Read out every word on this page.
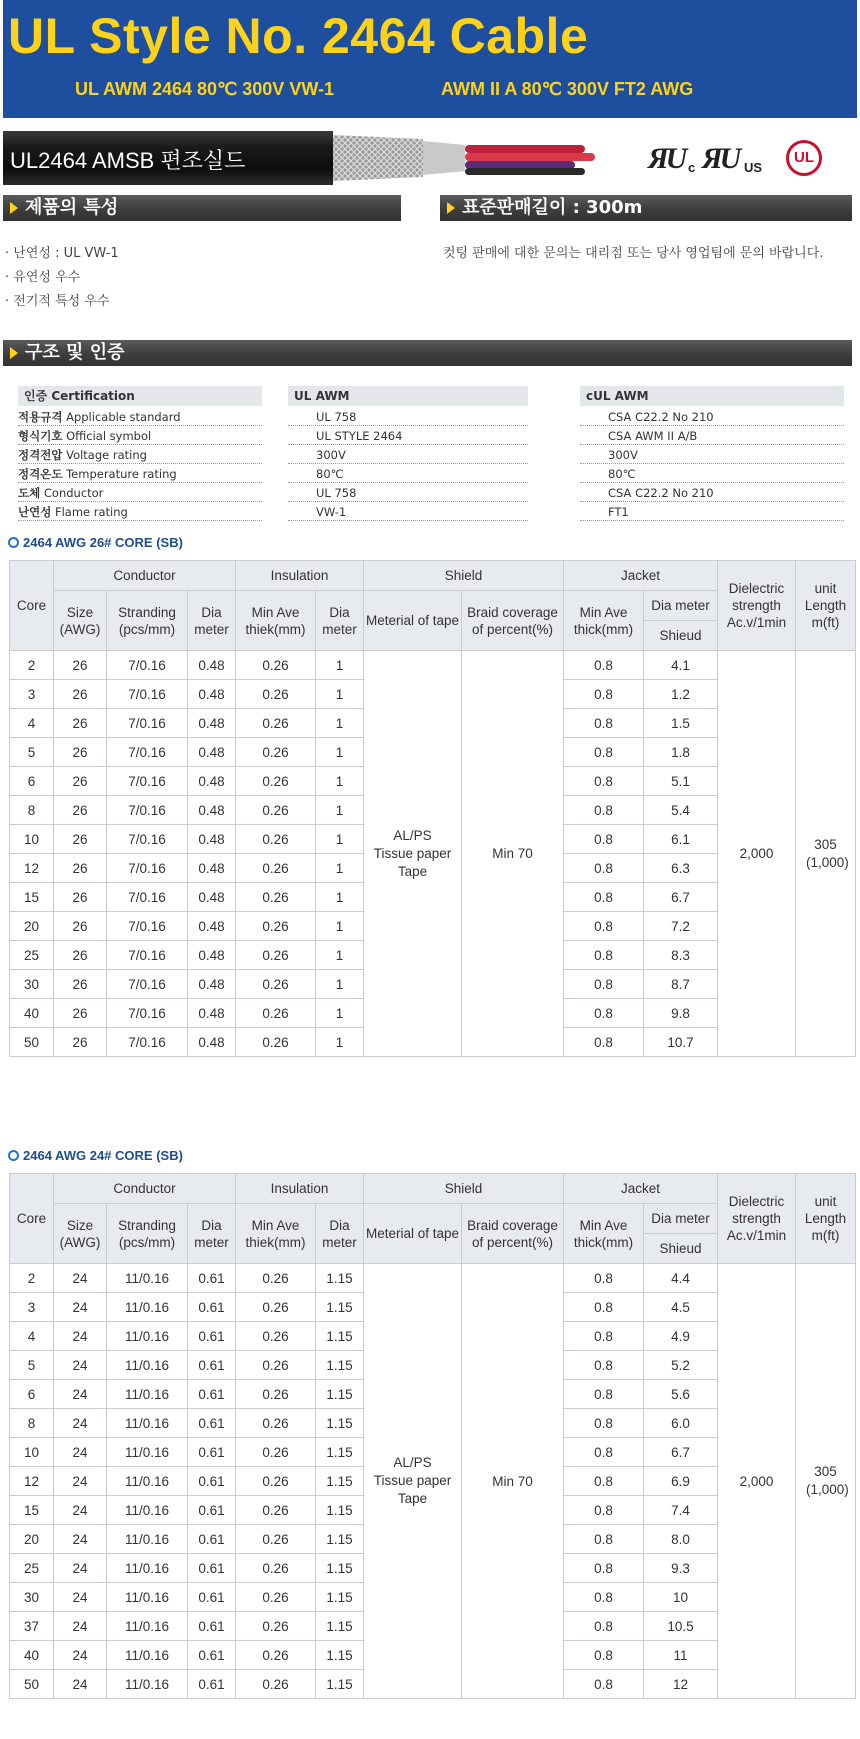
UL Style No. 2464 Cable
UL AWM 2464 80℃ 300V VW-1	AWM II A 80℃ 300V FT2 AWG
UL2464 AMSB 편조실드	ЯU c ЯU US
UL
제품의 특성	표준판매길이 : 300m
· 난연성 : UL VW-1
· 유연성 우수
· 전기적 특성 우수
컷팅 판매에 대한 문의는 대리점 또는 당사 영업팀에 문의 바랍니다.
구조 및 인증
인증 Certification	UL AWM	cUL AWM
적용규격 Applicable standard	UL 758	CSA C22.2 No 210
형식기호 Official symbol	UL STYLE 2464	CSA AWM II A/B
정격전압 Voltage rating	300V	300V
정격온도 Temperature rating	80℃	80℃
도체 Conductor	UL 758	CSA C22.2 No 210
난연성 Flame rating	VW-1	FT1
2464 AWG 26# CORE (SB)
Core	Conductor			Insulation		Shield		Jacket		Dielectric strength Ac.v/1min	unit Length m(ft)
	Size (AWG)	Stranding (pcs/mm)	Dia meter	Min Ave thiek(mm)	Dia meter	Meterial of tape	Braid coverage of percent(%)	Min Ave thick(mm)	Dia meter		
									Shieud		
2	26	7/0.16	0.48	0.26	1	AL/PS Tissue paper Tape	Min 70	0.8	4.1	2,000	305 (1,000)
3	26	7/0.16	0.48	0.26	1			0.8	1.2		
4	26	7/0.16	0.48	0.26	1			0.8	1.5		
5	26	7/0.16	0.48	0.26	1			0.8	1.8		
6	26	7/0.16	0.48	0.26	1			0.8	5.1		
8	26	7/0.16	0.48	0.26	1			0.8	5.4		
10	26	7/0.16	0.48	0.26	1			0.8	6.1		
12	26	7/0.16	0.48	0.26	1			0.8	6.3		
15	26	7/0.16	0.48	0.26	1			0.8	6.7		
20	26	7/0.16	0.48	0.26	1			0.8	7.2		
25	26	7/0.16	0.48	0.26	1			0.8	8.3		
30	26	7/0.16	0.48	0.26	1			0.8	8.7		
40	26	7/0.16	0.48	0.26	1			0.8	9.8		
50	26	7/0.16	0.48	0.26	1			0.8	10.7		
2464 AWG 24# CORE (SB)
Core	Conductor			Insulation		Shield		Jacket		Dielectric strength Ac.v/1min	unit Length m(ft)
	Size (AWG)	Stranding (pcs/mm)	Dia meter	Min Ave thiek(mm)	Dia meter	Meterial of tape	Braid coverage of percent(%)	Min Ave thick(mm)	Dia meter		
									Shieud		
2	24	11/0.16	0.61	0.26	1.15	AL/PS Tissue paper Tape	Min 70	0.8	4.4	2,000	305 (1,000)
3	24	11/0.16	0.61	0.26	1.15			0.8	4.5		
4	24	11/0.16	0.61	0.26	1.15			0.8	4.9		
5	24	11/0.16	0.61	0.26	1.15			0.8	5.2		
6	24	11/0.16	0.61	0.26	1.15			0.8	5.6		
8	24	11/0.16	0.61	0.26	1.15			0.8	6.0		
10	24	11/0.16	0.61	0.26	1.15			0.8	6.7		
12	24	11/0.16	0.61	0.26	1.15			0.8	6.9		
15	24	11/0.16	0.61	0.26	1.15			0.8	7.4		
20	24	11/0.16	0.61	0.26	1.15			0.8	8.0		
25	24	11/0.16	0.61	0.26	1.15			0.8	9.3		
30	24	11/0.16	0.61	0.26	1.15			0.8	10		
37	24	11/0.16	0.61	0.26	1.15			0.8	10.5		
40	24	11/0.16	0.61	0.26	1.15			0.8	11		
50	24	11/0.16	0.61	0.26	1.15			0.8	12		
